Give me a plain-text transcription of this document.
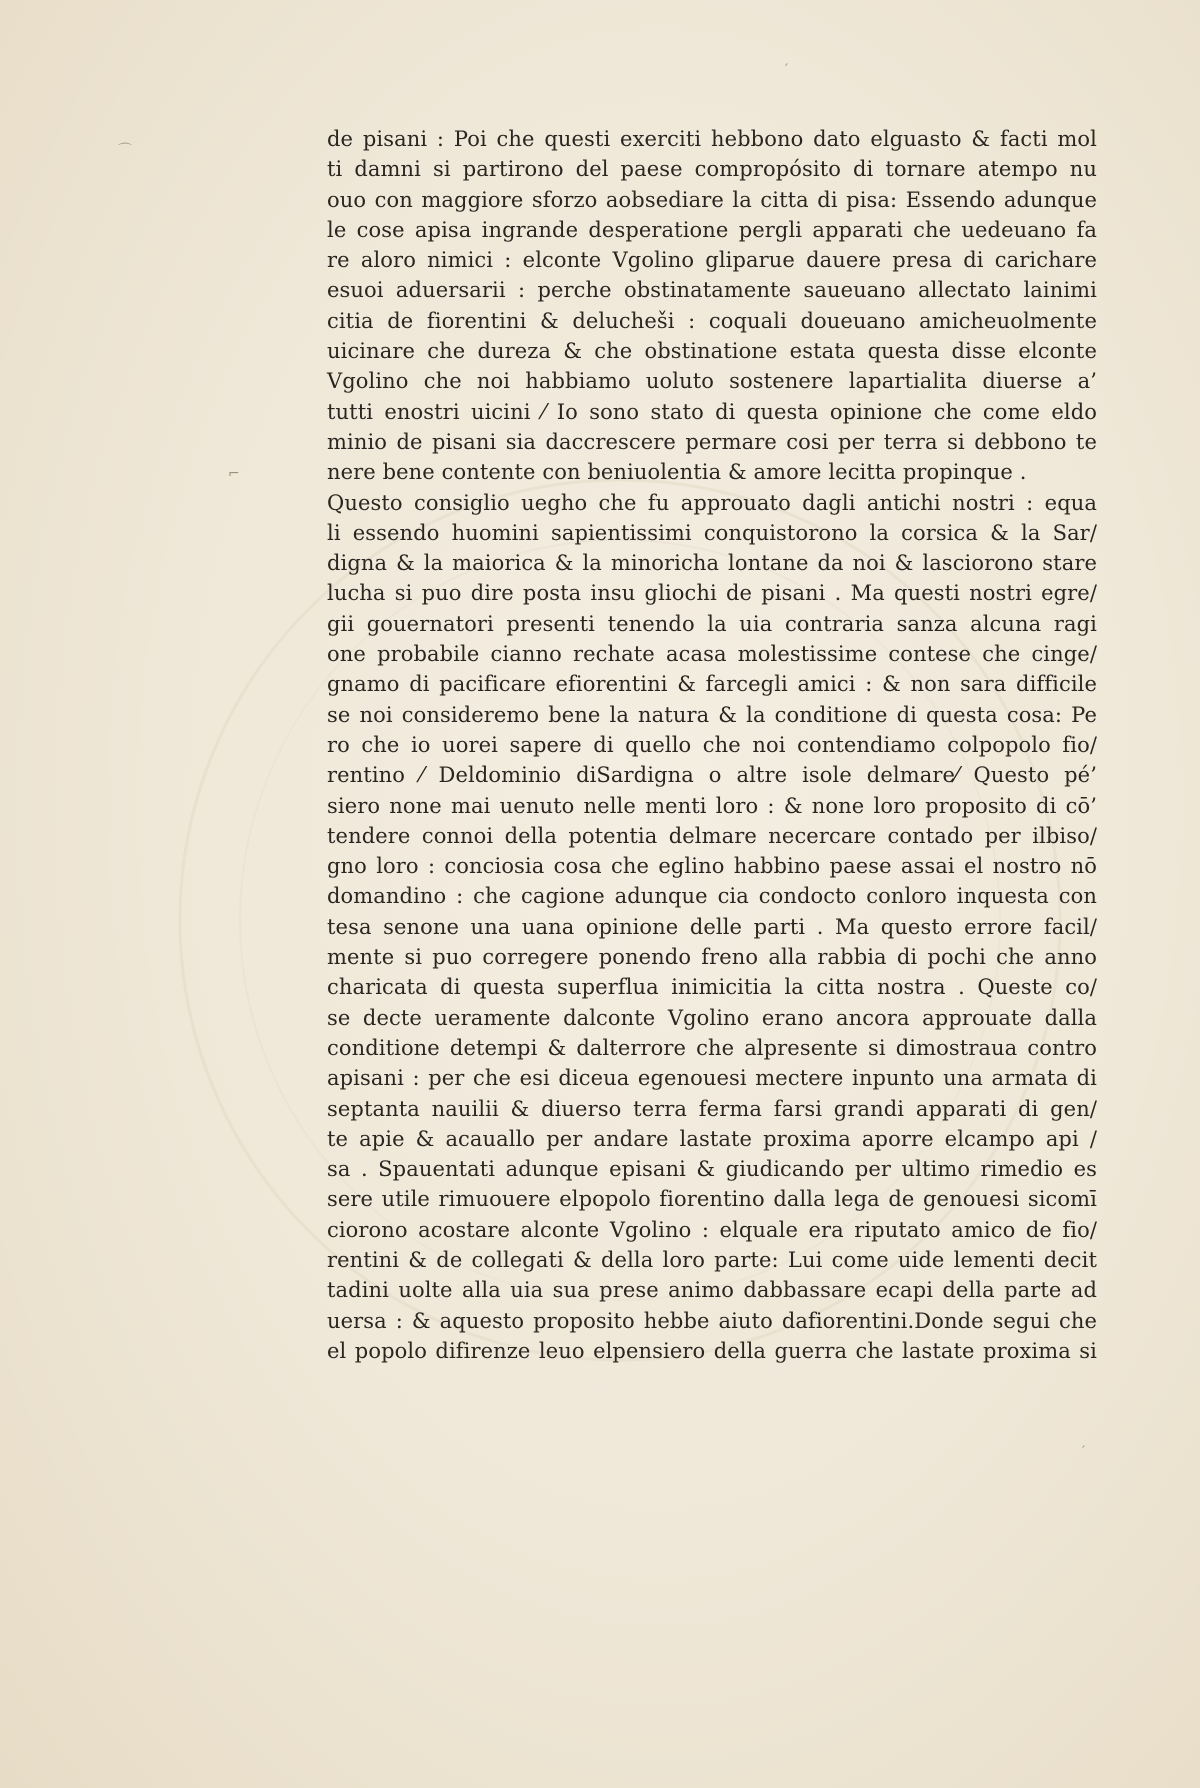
′
⌒
⌐
′
de pisani : Poi che questi exerciti hebbono dato elguasto & facti mol
ti damni si partirono del paese compropósito di tornare atempo nu
ouo con maggiore sforzo aobsediare la citta di pisa: Essendo adunque
le cose apisa ingrande desperatione pergli apparati che uedeuano fa
re aloro nimici : elconte Vgolino gliparue dauere presa di carichare
esuoi aduersarii : perche obstinatamente saueuano allectato lainimi
citia de fiorentini & delucheši : coquali doueuano amicheuolmente
uicinare che dureza & che obstinatione estata questa disse elconte
Vgolino che noi habbiamo uoluto sostenere lapartialita diuerse a’
tutti enostri uicini ⁄ Io sono stato di questa opinione che come eldo
minio de pisani sia daccrescere permare cosi per terra si debbono te
nere bene contente con beniuolentia & amore lecitta propinque .
Questo consiglio uegho che fu approuato dagli antichi nostri : equa
li essendo huomini sapientissimi conquistorono la corsica & la Sar/
digna & la maiorica & la minoricha lontane da noi & lasciorono stare
lucha si puo dire posta insu gliochi de pisani . Ma questi nostri egre/
gii gouernatori presenti tenendo la uia contraria sanza alcuna ragi
one probabile cianno rechate acasa molestissime contese che cinge/
gnamo di pacificare efiorentini & farcegli amici : & non sara difficile
se noi consideremo bene la natura & la conditione di questa cosa: Pe
ro che io uorei sapere di quello che noi contendiamo colpopolo fio/
rentino ⁄ Deldominio diSardigna o altre isole delmare⁄ Questo pé’
siero none mai uenuto nelle menti loro : & none loro proposito di cō’
tendere connoi della potentia delmare necercare contado per ilbiso/
gno loro : conciosia cosa che eglino habbino paese assai el nostro nō
domandino : che cagione adunque cia condocto conloro inquesta con
tesa senone una uana opinione delle parti . Ma questo errore facil/
mente si puo corregere ponendo freno alla rabbia di pochi che anno
charicata di questa superflua inimicitia la citta nostra . Queste co/
se decte ueramente dalconte Vgolino erano ancora approuate dalla
conditione detempi & dalterrore che alpresente si dimostraua contro
apisani : per che esi diceua egenouesi mectere inpunto una armata di
septanta nauilii & diuerso terra ferma farsi grandi apparati di gen/
te apie & acauallo per andare lastate proxima aporre elcampo api /
sa . Spauentati adunque episani & giudicando per ultimo rimedio es
sere utile rimuouere elpopolo fiorentino dalla lega de genouesi sicomī
ciorono acostare alconte Vgolino : elquale era riputato amico de fio/
rentini & de collegati & della loro parte: Lui come uide lementi decit
tadini uolte alla uia sua prese animo dabbassare ecapi della parte ad
uersa : & aquesto proposito hebbe aiuto dafiorentini.Donde segui che
el popolo difirenze leuo elpensiero della guerra che lastate proxima si
